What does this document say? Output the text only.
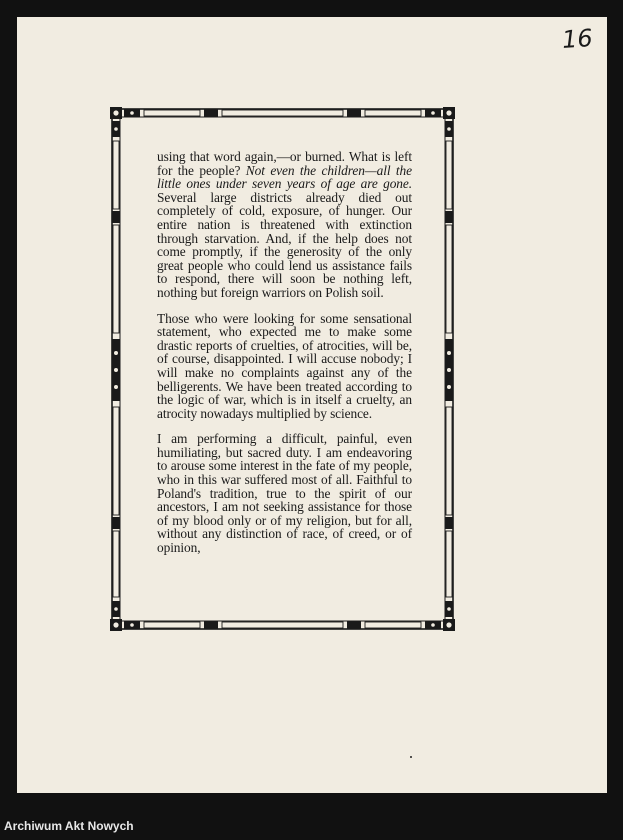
16

using that word again,—or burned. What is left for the people? Not even the children—all the little ones under seven years of age are gone. Several large districts already died out completely of cold, exposure, of hunger. Our entire nation is threatened with extinction through starvation. And, if the help does not come promptly, if the generosity of the only great people who could lend us assistance fails to respond, there will soon be nothing left, nothing but foreign warriors on Polish soil.

Those who were looking for some sensational statement, who expected me to make some drastic reports of cruelties, of atrocities, will be, of course, disappointed. I will accuse nobody; I will make no complaints against any of the belligerents. We have been treated according to the logic of war, which is in itself a cruelty, an atrocity nowadays multiplied by science.

I am performing a difficult, painful, even humiliating, but sacred duty. I am endeavoring to arouse some interest in the fate of my people, who in this war suffered most of all. Faithful to Poland's tradition, true to the spirit of our ancestors, I am not seeking assistance for those of my blood only or of my religion, but for all, without any distinction of race, of creed, or of opinion,

Archiwum Akt Nowych
